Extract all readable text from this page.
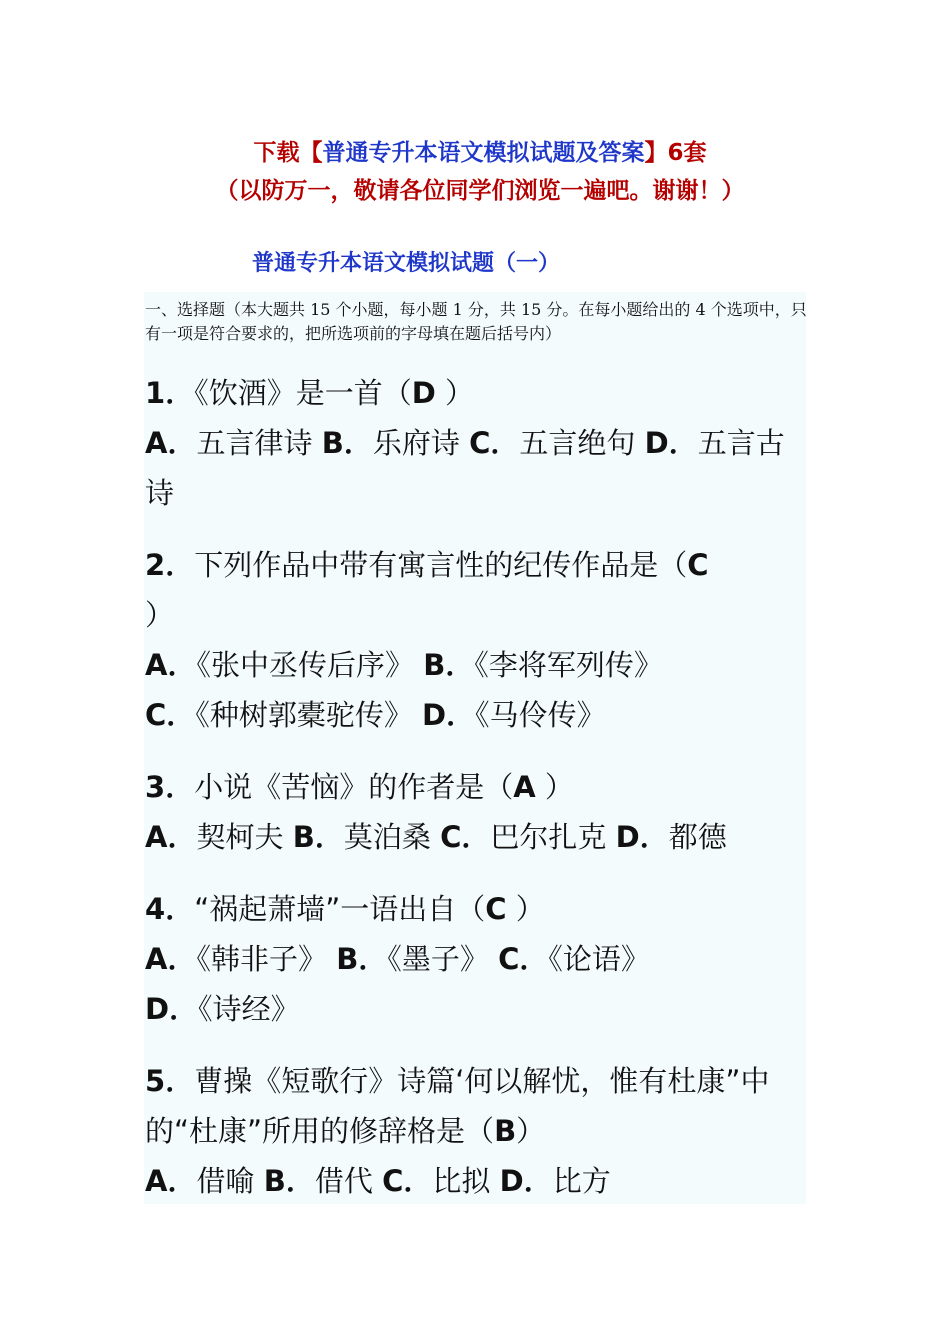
下载【普通专升本语文模拟试题及答案】6套
（以防万一，敬请各位同学们浏览一遍吧。谢谢！）
普通专升本语文模拟试题（一）
一、选择题（本大题共 15 个小题，每小题 1 分，共 15 分。在每小题给出的 4 个选项中，只有一项是符合要求的，把所选项前的字母填在题后括号内）
1．《饮酒》是一首（D ）
A．五言律诗 B．乐府诗 C．五言绝句 D．五言古诗
2．下列作品中带有寓言性的纪传作品是（C
）
A．《张中丞传后序》 B．《李将军列传》
C．《种树郭橐驼传》 D．《马伶传》
3．小说《苦恼》的作者是（A ）
A．契柯夫 B．莫泊桑 C．巴尔扎克 D．都德
4．“祸起萧墙”一语出自（C ）
A．《韩非子》 B．《墨子》 C．《论语》
D．《诗经》
5．曹操《短歌行》诗篇‘何以解忧，惟有杜康”中的“杜康”所用的修辞格是（B）
A．借喻 B．借代 C．比拟 D．比方
